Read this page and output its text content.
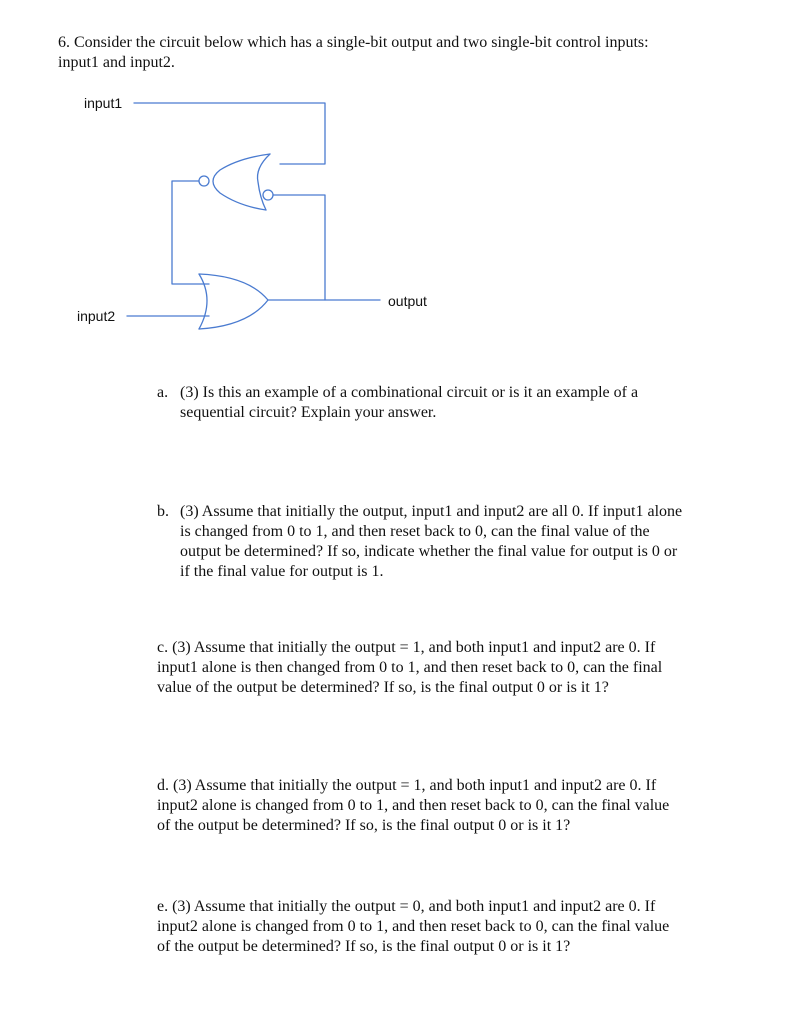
6. Consider the circuit below which has a single-bit output and two single-bit control inputs:
input1 and input2.
input1
input2
output
a. (3) Is this an example of a combinational circuit or is it an example of a
sequential circuit? Explain your answer.
b. (3) Assume that initially the output, input1 and input2 are all 0. If input1 alone
is changed from 0 to 1, and then reset back to 0, can the final value of the
output be determined? If so, indicate whether the final value for output is 0 or
if the final value for output is 1.
c. (3) Assume that initially the output = 1, and both input1 and input2 are 0. If
input1 alone is then changed from 0 to 1, and then reset back to 0, can the final
value of the output be determined? If so, is the final output 0 or is it 1?
d. (3) Assume that initially the output = 1, and both input1 and input2 are 0. If
input2 alone is changed from 0 to 1, and then reset back to 0, can the final value
of the output be determined? If so, is the final output 0 or is it 1?
e. (3) Assume that initially the output = 0, and both input1 and input2 are 0. If
input2 alone is changed from 0 to 1, and then reset back to 0, can the final value
of the output be determined? If so, is the final output 0 or is it 1?
